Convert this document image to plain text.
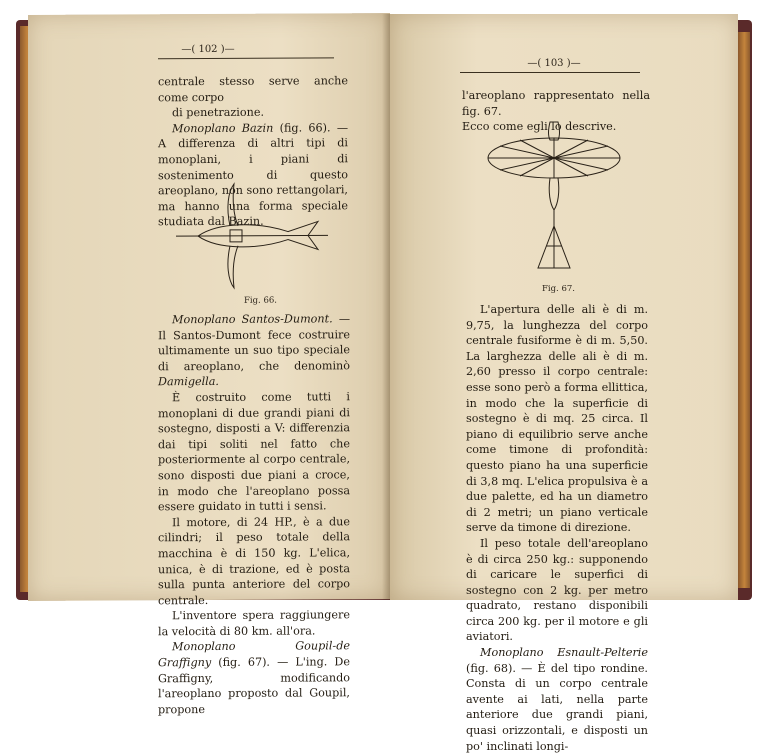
—( 102 )—

centrale stesso serve anche come corpo

di penetrazione.

Monoplano Bazin (fig. 66). — A differenza di altri tipi di monoplani, i piani di sostenimento di questo areoplano, non sono rettangolari, ma hanno una forma speciale studiata dal Bazin.

Fig. 66.

Monoplano Santos-Dumont. — Il Santos-Dumont fece costruire ultimamente un suo tipo speciale di areoplano, che denominò Damigella.

È costruito come tutti i monoplani di due grandi piani di sostegno, disposti a V: differenzia dai tipi soliti nel fatto che posteriormente al corpo centrale, sono disposti due piani a croce, in modo che l'areoplano possa essere guidato in tutti i sensi.

Il motore, di 24 HP., è a due cilindri; il peso totale della macchina è di 150 kg. L'elica, unica, è di trazione, ed è posta sulla punta anteriore del corpo centrale.

L'inventore spera raggiungere la velocità di 80 km. all'ora.

Monoplano Goupil-de Graffigny (fig. 67). — L'ing. De Graffigny, modificando l'areoplano proposto dal Goupil, propone

—( 103 )—

l'areoplano rappresentato nella fig. 67.

Ecco come egli lo descrive.

Fig. 67.

L'apertura delle ali è di m. 9,75, la lunghezza del corpo centrale fusiforme è di m. 5,50. La larghezza delle ali è di m. 2,60 presso il corpo centrale: esse sono però a forma ellittica, in modo che la superficie di sostegno è di mq. 25 circa. Il piano di equilibrio serve anche come timone di profondità: questo piano ha una superficie di 3,8 mq. L'elica propulsiva è a due palette, ed ha un diametro di 2 metri; un piano verticale serve da timone di direzione.

Il peso totale dell'areoplano è di circa 250 kg.: supponendo di caricare le superfici di sostegno con 2 kg. per metro quadrato, restano disponibili circa 200 kg. per il motore e gli aviatori.

Monoplano Esnault-Pelterie (fig. 68). — È del tipo rondine. Consta di un corpo centrale avente ai lati, nella parte anteriore due grandi piani, quasi orizzontali, e disposti un po' inclinati longi-
